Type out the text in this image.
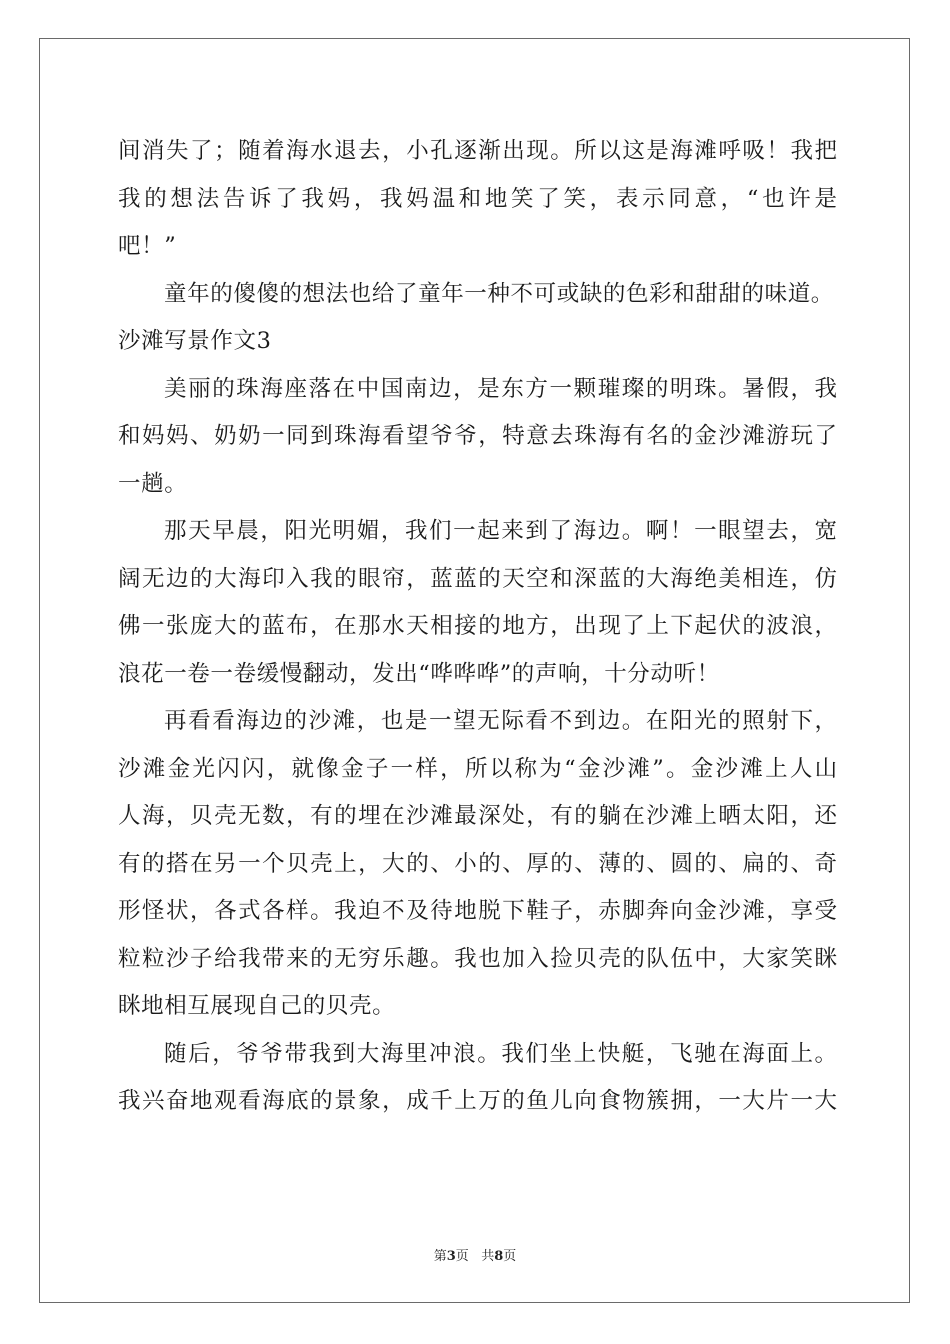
间 消 失 了 ； 随 着 海 水 退 去 ， 小 孔 逐 渐 出 现 。 所 以 这 是 海 滩 呼 吸 ！ 我 把
我 的 想 法 告 诉 了 我 妈 ， 我 妈 温 和 地 笑 了 笑 ， 表 示 同 意 ， “ 也 许 是
吧！”
童年的傻傻的想法也给了童年一种不可或缺的色彩和甜甜的味道。
沙滩写景作文3
美 丽 的 珠 海 座 落 在 中 国 南 边 ， 是 东 方 一 颗 璀 璨 的 明 珠 。 暑 假 ， 我
和 妈 妈 、 奶 奶 一 同 到 珠 海 看 望 爷 爷 ， 特 意 去 珠 海 有 名 的 金 沙 滩 游 玩 了
一趟。
那 天 早 晨 ， 阳 光 明 媚 ， 我 们 一 起 来 到 了 海 边 。 啊 ！ 一 眼 望 去 ， 宽
阔 无 边 的 大 海 印 入 我 的 眼 帘 ， 蓝 蓝 的 天 空 和 深 蓝 的 大 海 绝 美 相 连 ， 仿
佛 一 张 庞 大 的 蓝 布 ， 在 那 水 天 相 接 的 地 方 ， 出 现 了 上 下 起 伏 的 波 浪 ，
浪花一卷一卷缓慢翻动，发出“哗哗哗”的声响，十分动听！
再 看 看 海 边 的 沙 滩 ， 也 是 一 望 无 际 看 不 到 边 。 在 阳 光 的 照 射 下 ，
沙 滩 金 光 闪 闪 ， 就 像 金 子 一 样 ， 所 以 称 为 “ 金 沙 滩 ” 。 金 沙 滩 上 人 山
人 海 ， 贝 壳 无 数 ， 有 的 埋 在 沙 滩 最 深 处 ， 有 的 躺 在 沙 滩 上 晒 太 阳 ， 还
有 的 搭 在 另 一 个 贝 壳 上 ， 大 的 、 小 的 、 厚 的 、 薄 的 、 圆 的 、 扁 的 、 奇
形 怪 状 ， 各 式 各 样 。 我 迫 不 及 待 地 脱 下 鞋 子 ， 赤 脚 奔 向 金 沙 滩 ， 享 受
粒 粒 沙 子 给 我 带 来 的 无 穷 乐 趣 。 我 也 加 入 捡 贝 壳 的 队 伍 中 ， 大 家 笑 眯
眯地相互展现自己的贝壳。
随 后 ， 爷 爷 带 我 到 大 海 里 冲 浪 。 我 们 坐 上 快 艇 ， 飞 驰 在 海 面 上 。
我 兴 奋 地 观 看 海 底 的 景 象 ， 成 千 上 万 的 鱼 儿 向 食 物 簇 拥 ， 一 大 片 一 大
第3页 共8页
